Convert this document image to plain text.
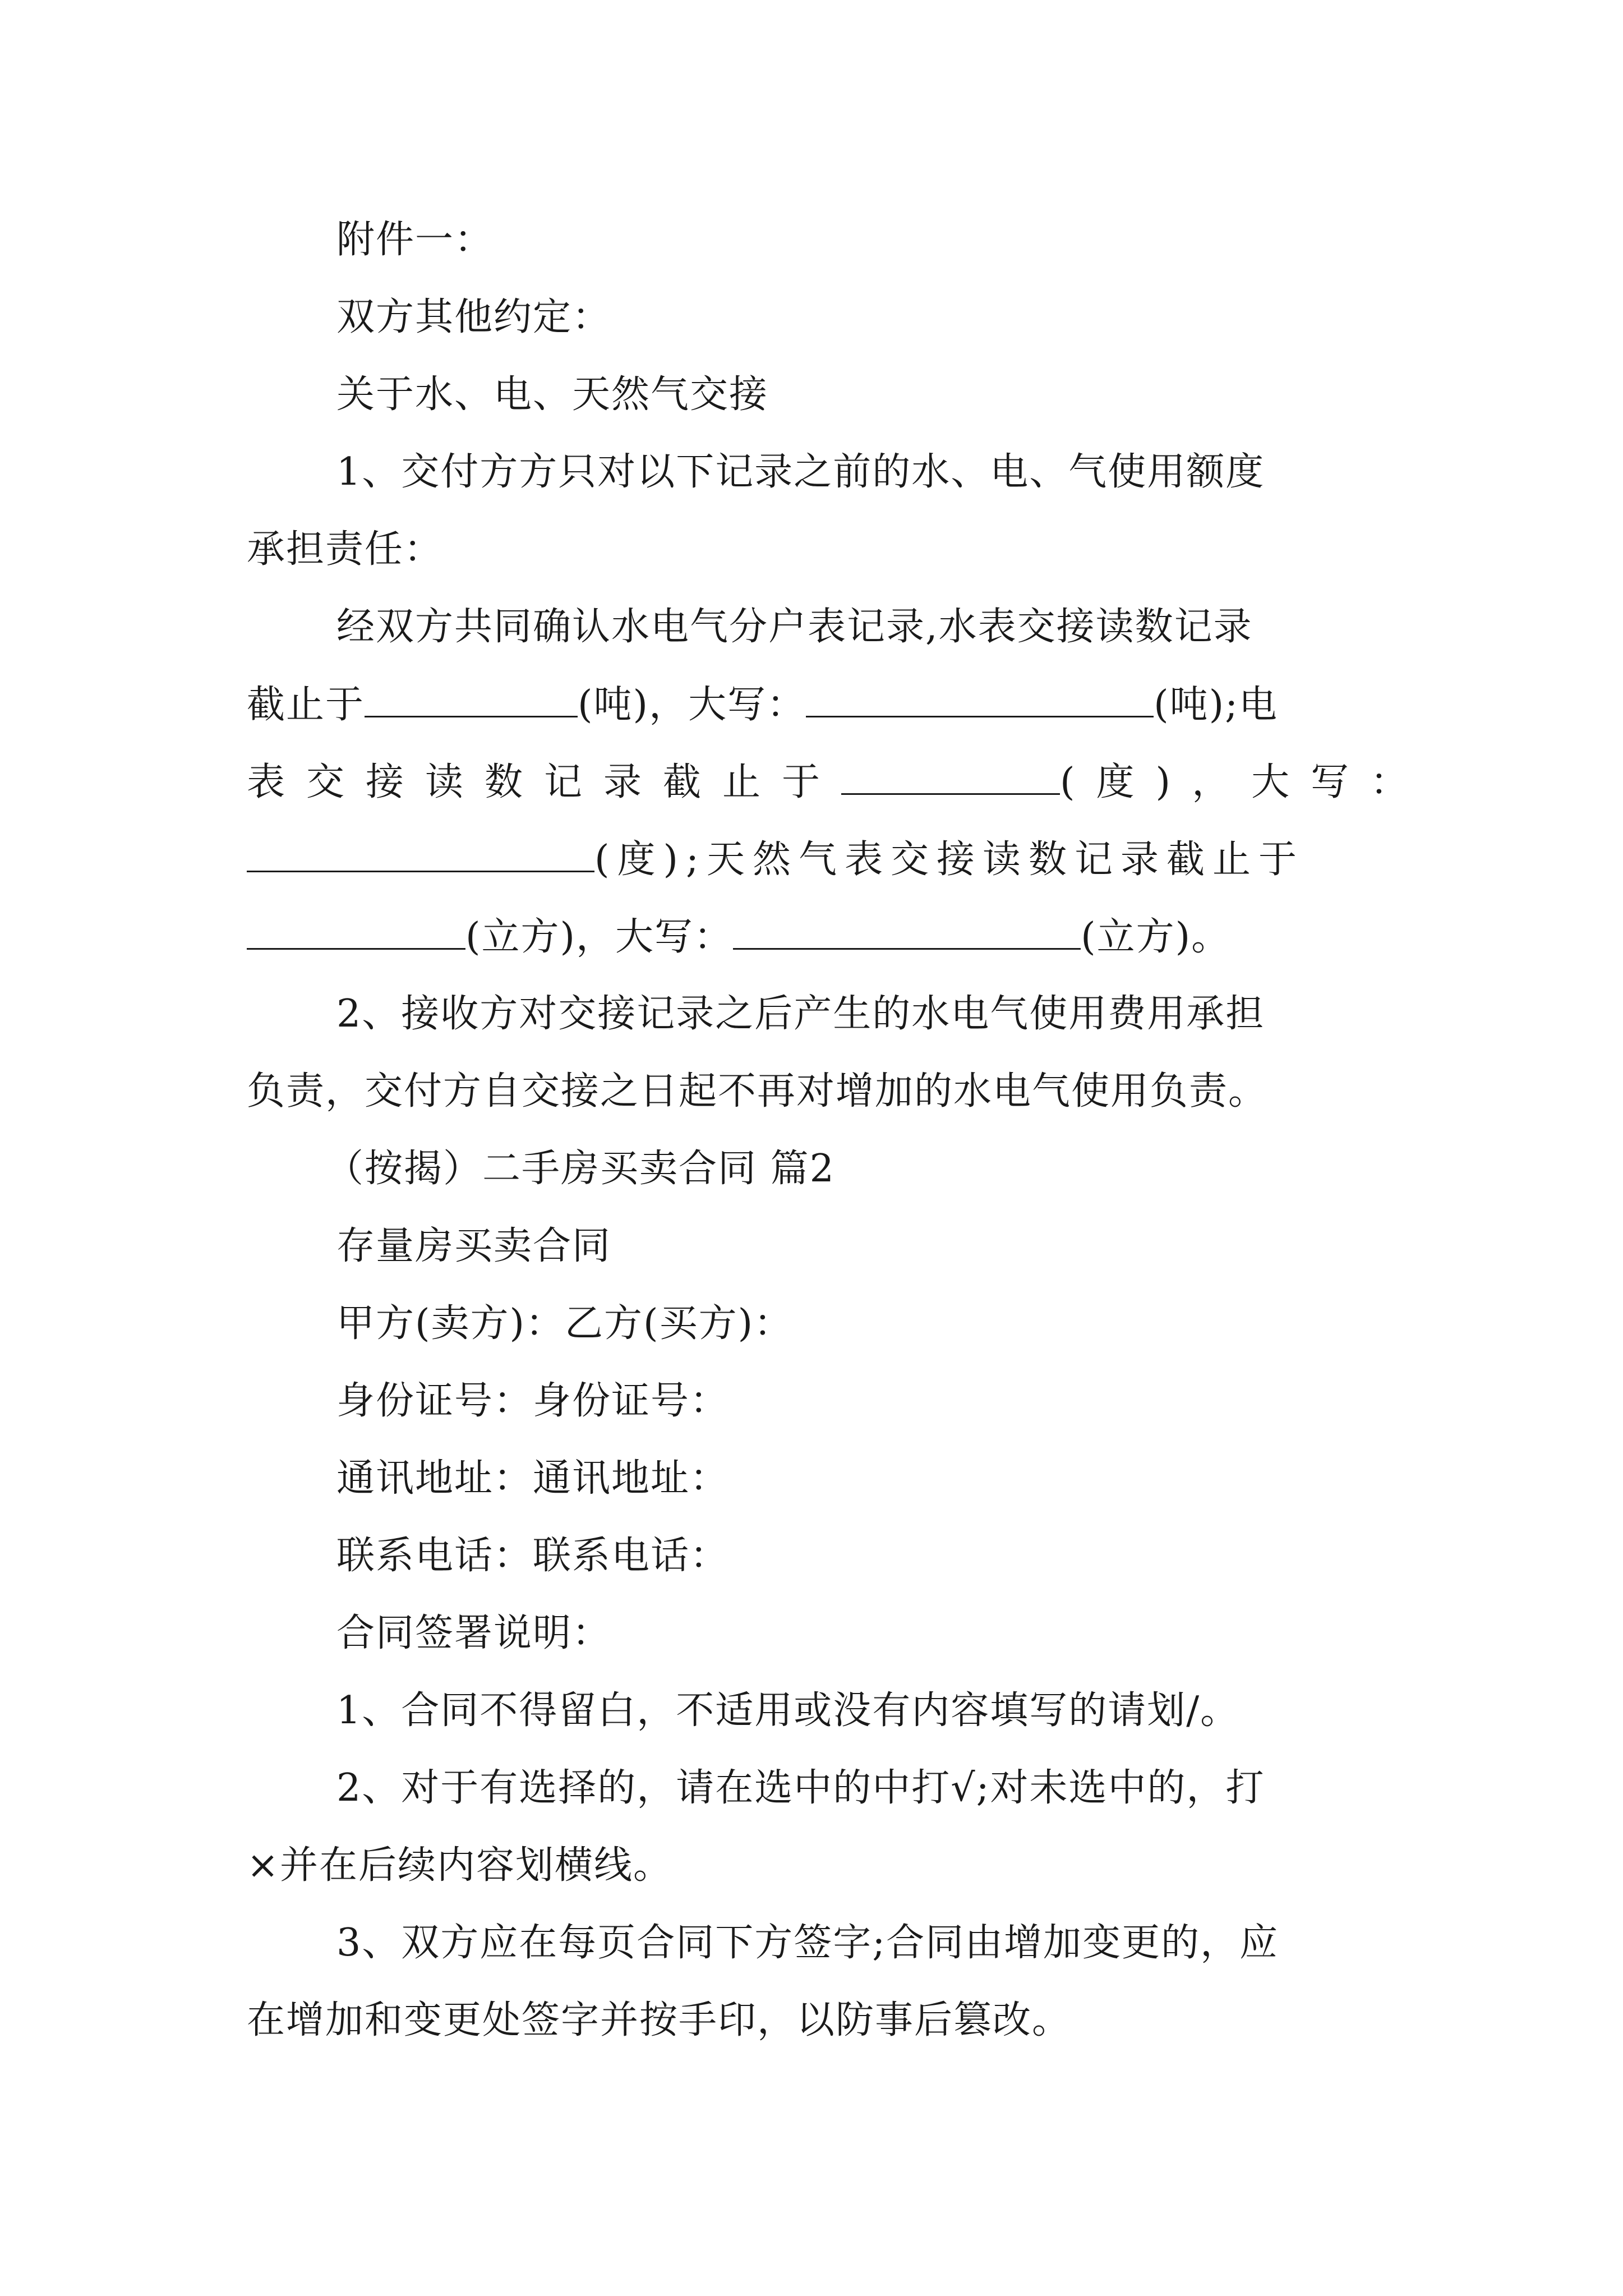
附件一：
双方其他约定：
关于水、电、天然气交接
1、交付方方只对以下记录之前的水、电、气使用额度
承担责任：
经双方共同确认水电气分户表记录,水表交接读数记录
截止于	(吨)，大写：	(吨);电
表交接读数记录截止于	(度)，大写：
(度);天然气表交接读数记录截止于
(立方)，大写：	(立方)。
2、接收方对交接记录之后产生的水电气使用费用承担
负责，交付方自交接之日起不再对增加的水电气使用负责。
（按揭）二手房买卖合同 篇2
存量房买卖合同
甲方(卖方)：乙方(买方)：
身份证号：身份证号：
通讯地址：通讯地址：
联系电话：联系电话：
合同签署说明：
1、合同不得留白，不适用或没有内容填写的请划/。
2、对于有选择的，请在选中的中打√;对未选中的，打
×并在后续内容划横线。
3、双方应在每页合同下方签字;合同由增加变更的，应
在增加和变更处签字并按手印，以防事后篡改。
